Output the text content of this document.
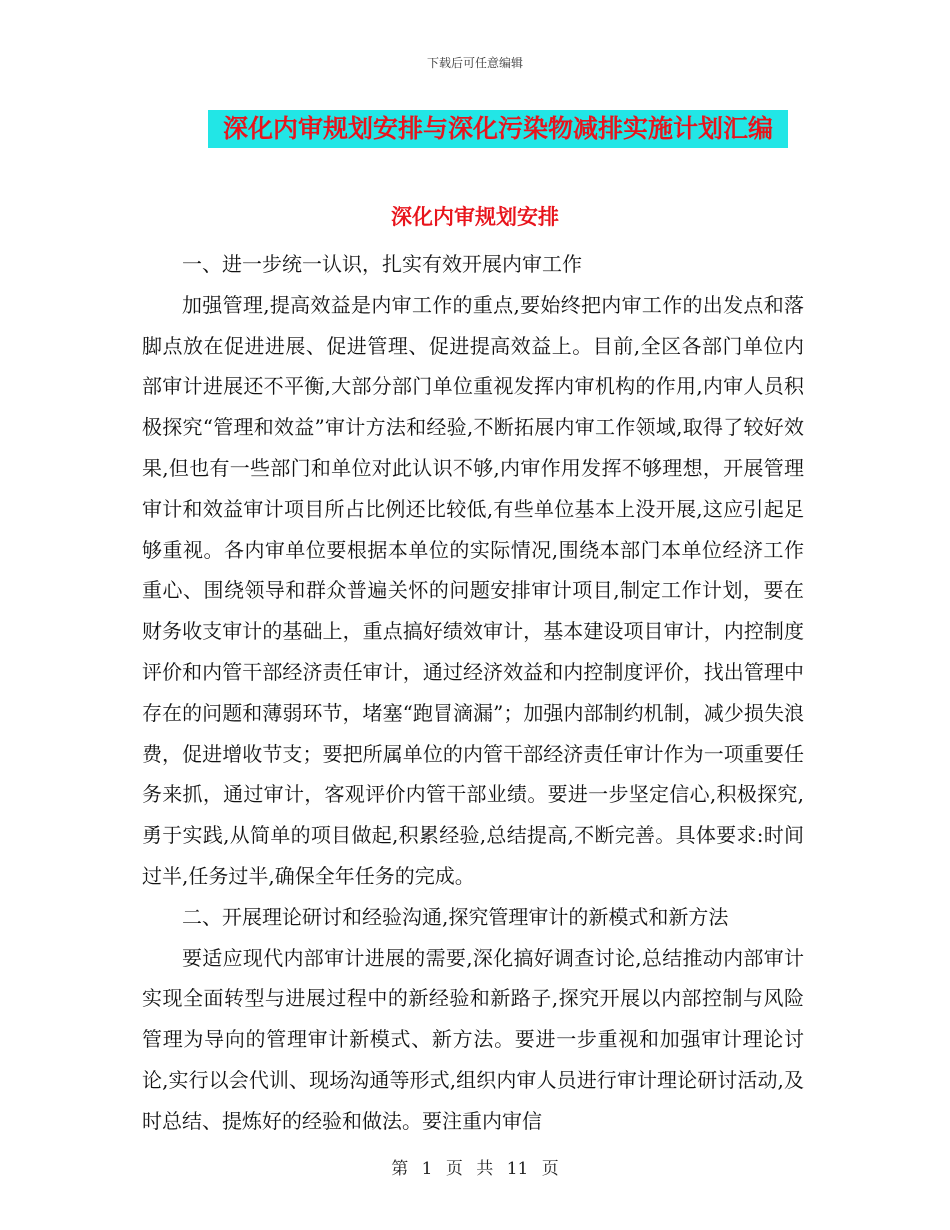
下载后可任意编辑
深化内审规划安排与深化污染物减排实施计划汇编
深化内审规划安排

一、进一步统一认识，扎实有效开展内审工作

加强管理,提高效益是内审工作的重点,要始终把内审工作的出发点和落脚点放在促进进展、促进管理、促进提高效益上。目前,全区各部门单位内部审计进展还不平衡,大部分部门单位重视发挥内审机构的作用,内审人员积极探究“管理和效益”审计方法和经验,不断拓展内审工作领域,取得了较好效果,但也有一些部门和单位对此认识不够,内审作用发挥不够理想，开展管理审计和效益审计项目所占比例还比较低,有些单位基本上没开展,这应引起足够重视。各内审单位要根据本单位的实际情况,围绕本部门本单位经济工作重心、围绕领导和群众普遍关怀的问题安排审计项目,制定工作计划，要在财务收支审计的基础上，重点搞好绩效审计，基本建设项目审计，内控制度评价和内管干部经济责任审计，通过经济效益和内控制度评价，找出管理中存在的问题和薄弱环节，堵塞“跑冒滴漏”；加强内部制约机制，减少损失浪费，促进增收节支；要把所属单位的内管干部经济责任审计作为一项重要任务来抓，通过审计，客观评价内管干部业绩。要进一步坚定信心,积极探究,勇于实践,从简单的项目做起,积累经验,总结提高,不断完善。具体要求:时间过半,任务过半,确保全年任务的完成。

二、开展理论研讨和经验沟通,探究管理审计的新模式和新方法

要适应现代内部审计进展的需要,深化搞好调查讨论,总结推动内部审计实现全面转型与进展过程中的新经验和新路子,探究开展以内部控制与风险管理为导向的管理审计新模式、新方法。要进一步重视和加强审计理论讨论,实行以会代训、现场沟通等形式,组织内审人员进行审计理论研讨活动,及时总结、提炼好的经验和做法。要注重内审信

第 1 页 共 11 页
